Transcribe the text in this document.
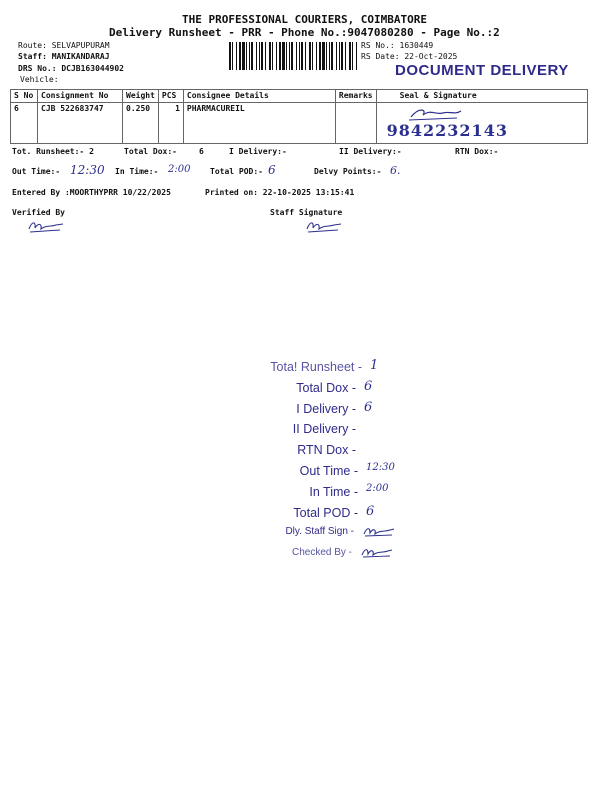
THE PROFESSIONAL COURIERS, COIMBATORE
Delivery Runsheet - PRR - Phone No.:9047080280 - Page No.:2
Route: SELVAPUPURAM
Staff: MANIKANDARAJ
DRS No.: DCJB163044902
Vehicle:
RS No.: 1630449
RS Date: 22-Oct-2025
DOCUMENT DELIVERY
S No	Consignment No	Weight	PCS	Consignee Details	Remarks	Seal & Signature
6	CJB 522683747	0.250	1	PHARMACUREIL		9842232143
Tot. Runsheet:- 2	Total Dox:-	6	I Delivery:-	II Delivery:-	RTN Dox:-
Out Time:- 12:30 In Time:- 2:00 Total POD:- 6	Delvy Points:- 6.
Entered By :MOORTHYPRR 10/22/2025	Printed on: 22-10-2025 13:15:41
Verified By	Staff Signature
Tota! Runsheet - 1
Total Dox - 6
I Delivery - 6
II Delivery -
RTN Dox -
Out Time - 12:30
In Time - 2:00
Total POD - 6
Dly. Staff Sign -
Checked By -
